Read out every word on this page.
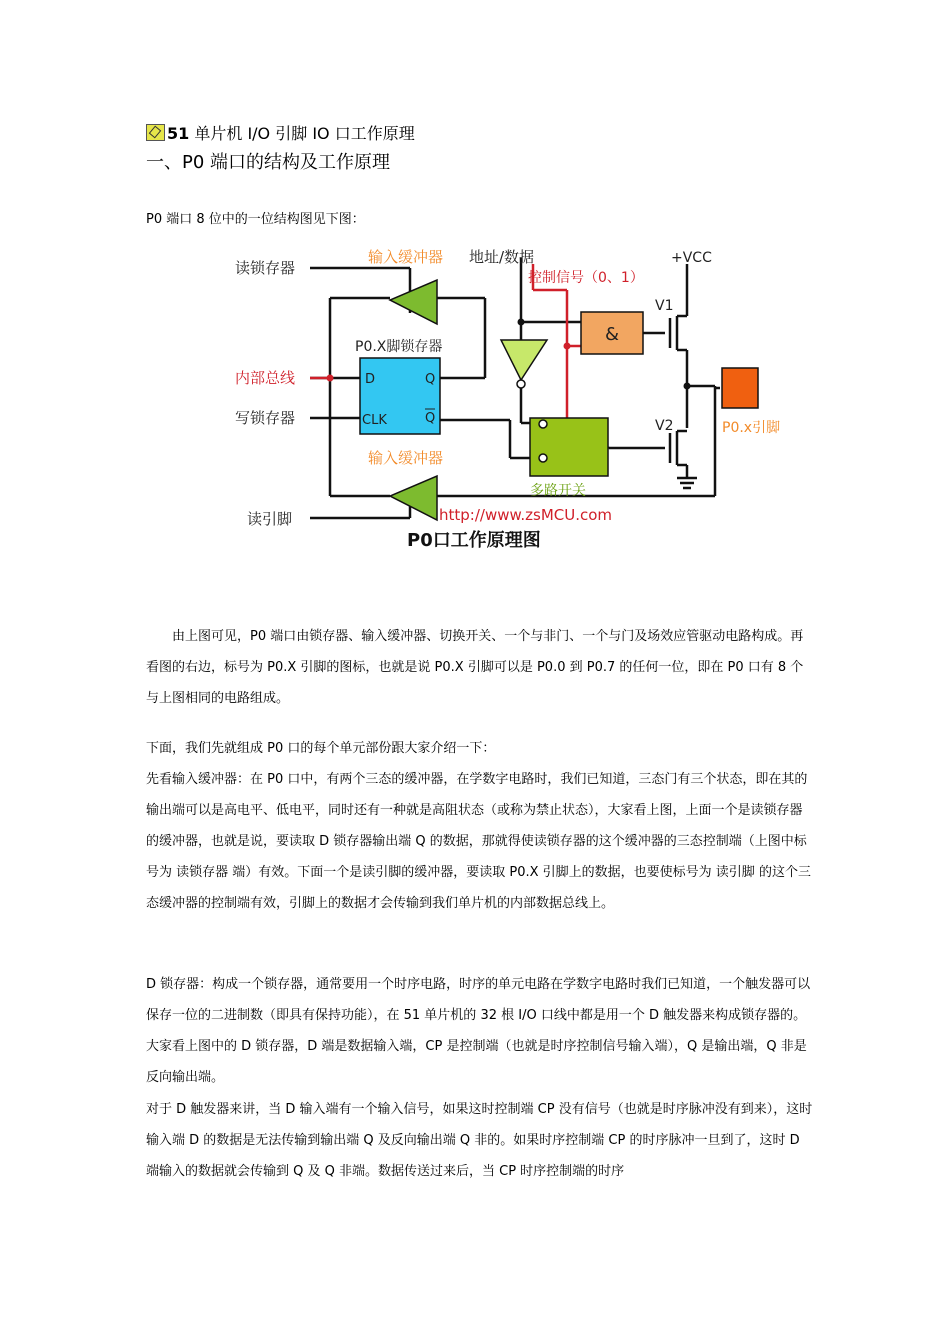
51 单片机 I/O 引脚 IO 口工作原理
一、P0 端口的结构及工作原理
P0 端口 8 位中的一位结构图见下图：
读锁存器
输入缓冲器 地址/数据	+VCC
控制信号（0、1）
V1
V2
&
P0.X脚锁存器
D	Q
CLK	Q
内部总线
写锁存器
输入缓冲器
多路开关
P0.x引脚
读引脚	http://www.zsMCU.com
P0口工作原理图
由上图可见，P0 端口由锁存器、输入缓冲器、切换开关、一个与非门、一个与门及场效应管驱动电路构成。再看图的右边，标号为 P0.X 引脚的图标，也就是说 P0.X 引脚可以是 P0.0 到 P0.7 的任何一位，即在 P0 口有 8 个与上图相同的电路组成。
下面，我们先就组成 P0 口的每个单元部份跟大家介绍一下：
先看输入缓冲器：在 P0 口中，有两个三态的缓冲器，在学数字电路时，我们已知道，三态门有三个状态，即在其的输出端可以是高电平、低电平，同时还有一种就是高阻状态（或称为禁止状态），大家看上图，上面一个是读锁存器的缓冲器，也就是说，要读取 D 锁存器输出端 Q 的数据，那就得使读锁存器的这个缓冲器的三态控制端（上图中标号为 读锁存器 端）有效。下面一个是读引脚的缓冲器，要读取 P0.X 引脚上的数据，也要使标号为 读引脚 的这个三态缓冲器的控制端有效，引脚上的数据才会传输到我们单片机的内部数据总线上。
D 锁存器：构成一个锁存器，通常要用一个时序电路，时序的单元电路在学数字电路时我们已知道，一个触发器可以保存一位的二进制数（即具有保持功能），在 51 单片机的 32 根 I/O 口线中都是用一个 D 触发器来构成锁存器的。大家看上图中的 D 锁存器，D 端是数据输入端，CP 是控制端（也就是时序控制信号输入端），Q 是输出端，Q 非是反向输出端。
对于 D 触发器来讲，当 D 输入端有一个输入信号，如果这时控制端 CP 没有信号（也就是时序脉冲没有到来），这时输入端 D 的数据是无法传输到输出端 Q 及反向输出端 Q 非的。如果时序控制端 CP 的时序脉冲一旦到了，这时 D 端输入的数据就会传输到 Q 及 Q 非端。数据传送过来后，当 CP 时序控制端的时序
